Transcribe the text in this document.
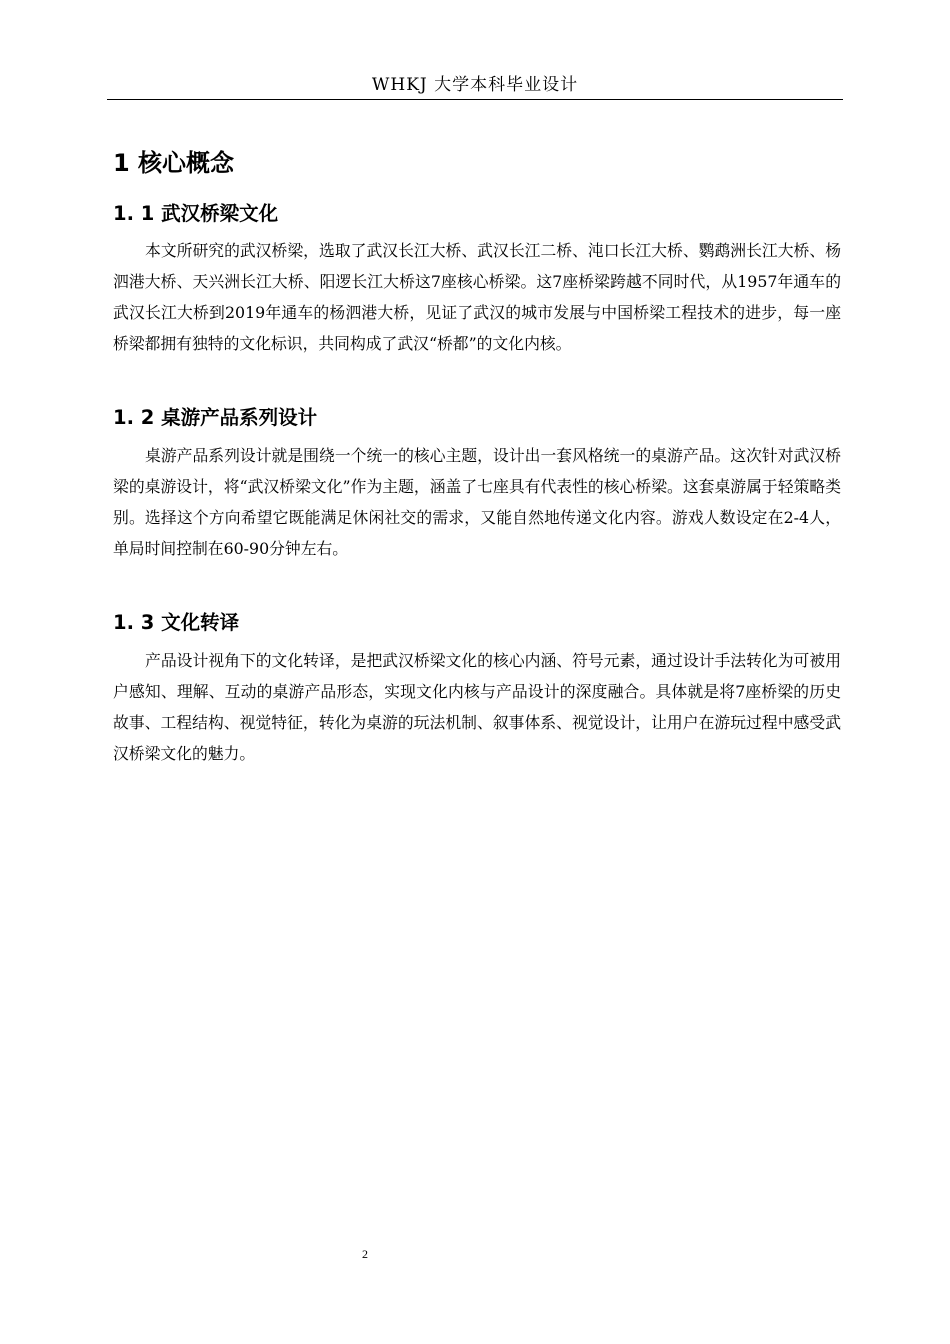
WHKJ 大学本科毕业设计
1 核心概念
1. 1 武汉桥梁文化
本文所研究的武汉桥梁，选取了武汉长江大桥、武汉长江二桥、沌口长江大桥、鹦鹉洲长江大桥、杨泗港大桥、天兴洲长江大桥、阳逻长江大桥这7座核心桥梁。这7座桥梁跨越不同时代，从1957年通车的武汉长江大桥到2019年通车的杨泗港大桥，见证了武汉的城市发展与中国桥梁工程技术的进步，每一座桥梁都拥有独特的文化标识，共同构成了武汉“桥都”的文化内核。
1. 2 桌游产品系列设计
桌游产品系列设计就是围绕一个统一的核心主题，设计出一套风格统一的桌游产品。这次针对武汉桥梁的桌游设计，将“武汉桥梁文化”作为主题，涵盖了七座具有代表性的核心桥梁。这套桌游属于轻策略类别。选择这个方向希望它既能满足休闲社交的需求，又能自然地传递文化内容。游戏人数设定在2-4人，单局时间控制在60-90分钟左右。
1. 3 文化转译
产品设计视角下的文化转译，是把武汉桥梁文化的核心内涵、符号元素，通过设计手法转化为可被用户感知、理解、互动的桌游产品形态，实现文化内核与产品设计的深度融合。具体就是将7座桥梁的历史故事、工程结构、视觉特征，转化为桌游的玩法机制、叙事体系、视觉设计，让用户在游玩过程中感受武汉桥梁文化的魅力。
2
